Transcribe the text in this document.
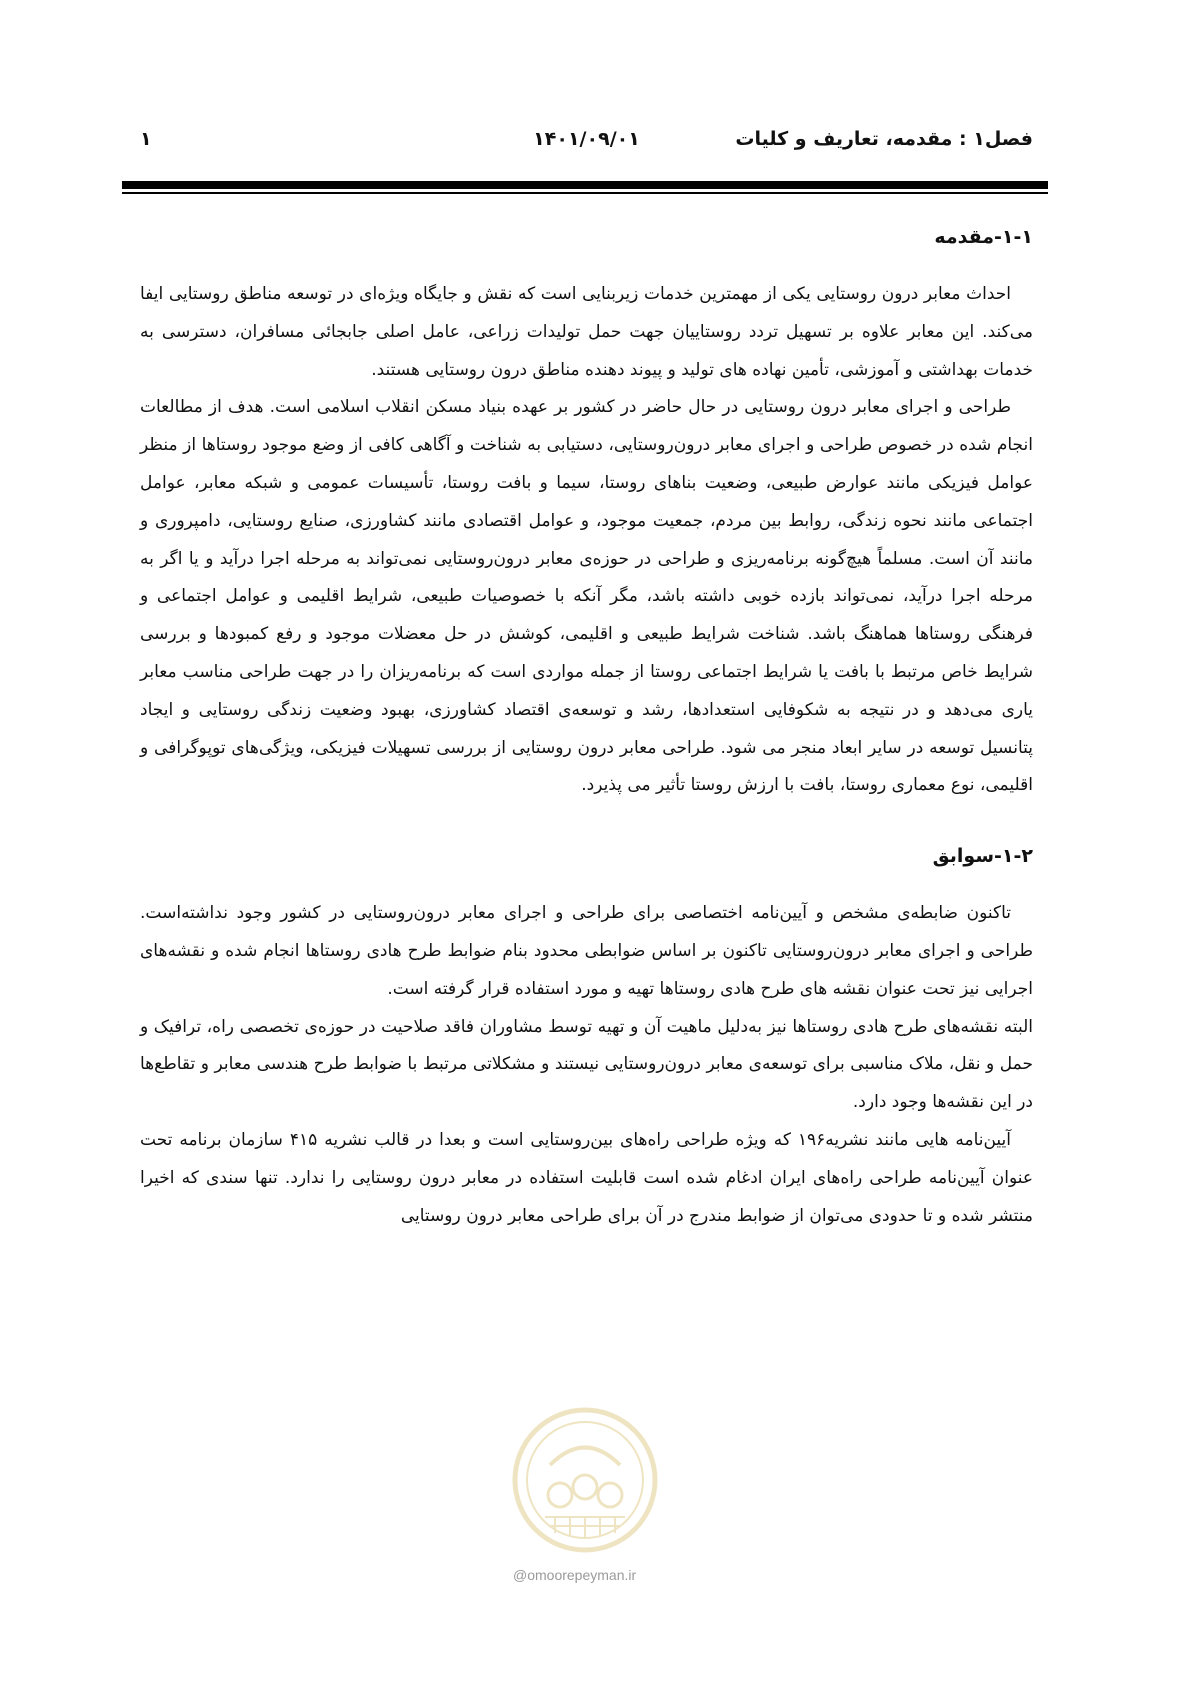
فصل۱ : مقدمه، تعاریف و کلیات
۱۴۰۱/۰۹/۰۱
۱
۱-۱-مقدمه

احداث معابر درون روستایی یکی از مهمترین خدمات زیربنایی است که نقش و جایگاه ویژه‌ای در توسعه مناطق روستایی ایفا می‌کند. این معابر علاوه بر تسهیل تردد روستاییان جهت حمل تولیدات زراعی، عامل اصلی جابجائی مسافران، دسترسی به خدمات بهداشتی و آموزشی، تأمین نهاده های تولید و پیوند دهنده مناطق درون روستایی هستند.

طراحی و اجرای معابر درون روستایی در حال حاضر در کشور بر عهده بنیاد مسکن انقلاب اسلامی است. هدف از مطالعات انجام شده در خصوص طراحی و اجرای معابر درون‌روستایی، دستیابی به شناخت و آگاهی کافی از وضع موجود روستاها از منظر عوامل فیزیکی مانند عوارض طبیعی، وضعیت بناهای روستا، سیما و بافت روستا، تأسیسات عمومی و شبکه معابر، عوامل اجتماعی مانند نحوه زندگی، روابط بین مردم، جمعیت موجود، و عوامل اقتصادی مانند کشاورزی، صنایع روستایی، دامپروری و مانند آن است. مسلماً هیچ‌گونه برنامه‌ریزی و طراحی در حوزه‌ی معابر درون‌روستایی نمی‌تواند به مرحله اجرا درآید و یا اگر به مرحله اجرا درآید، نمی‌تواند بازده خوبی داشته باشد، مگر آنکه با خصوصیات طبیعی، شرایط اقلیمی و عوامل اجتماعی و فرهنگی روستاها هماهنگ باشد. شناخت شرایط طبیعی و اقلیمی، کوشش در حل معضلات موجود و رفع کمبودها و بررسی شرایط خاص مرتبط با بافت یا شرایط اجتماعی روستا از جمله مواردی است که برنامه‌ریزان را در جهت طراحی مناسب معابر یاری می‌دهد و در نتیجه به شکوفایی استعدادها، رشد و توسعه‌ی اقتصاد کشاورزی، بهبود وضعیت زندگی روستایی و ایجاد پتانسیل توسعه در سایر ابعاد منجر می شود. طراحی معابر درون روستایی از بررسی تسهیلات فیزیکی، ویژگی‌های توپوگرافی و اقلیمی، نوع معماری روستا، بافت با ارزش روستا تأثیر می پذیرد.

۱-۲-سوابق

تاکنون ضابطه‌ی مشخص و آیین‌نامه اختصاصی برای طراحی و اجرای معابر درون‌روستایی در کشور وجود نداشته‌است. طراحی و اجرای معابر درون‌روستایی تاکنون بر اساس ضوابطی محدود بنام ضوابط طرح هادی روستاها انجام شده و نقشه‌های اجرایی نیز تحت عنوان نقشه های طرح هادی روستاها تهیه و مورد استفاده قرار گرفته است.

البته نقشه‌های طرح هادی روستاها نیز به‌دلیل ماهیت آن و تهیه توسط مشاوران فاقد صلاحیت در حوزه‌ی تخصصی راه، ترافیک و حمل و نقل، ملاک مناسبی برای توسعه‌ی معابر درون‌روستایی نیستند و مشکلاتی مرتبط با ضوابط طرح هندسی معابر و تقاطع‌ها در این نقشه‌ها وجود دارد.

آیین‌نامه هایی مانند نشریه۱۹۶ که ویژه طراحی راه‌های بین‌روستایی است و بعدا در قالب نشریه ۴۱۵ سازمان برنامه تحت عنوان آیین‌نامه طراحی راه‌های ایران ادغام شده است قابلیت استفاده در معابر درون روستایی را ندارد. تنها سندی که اخیرا منتشر شده و تا حدودی می‌توان از ضوابط مندرج در آن برای طراحی معابر درون روستایی

@omoorepeyman.ir
